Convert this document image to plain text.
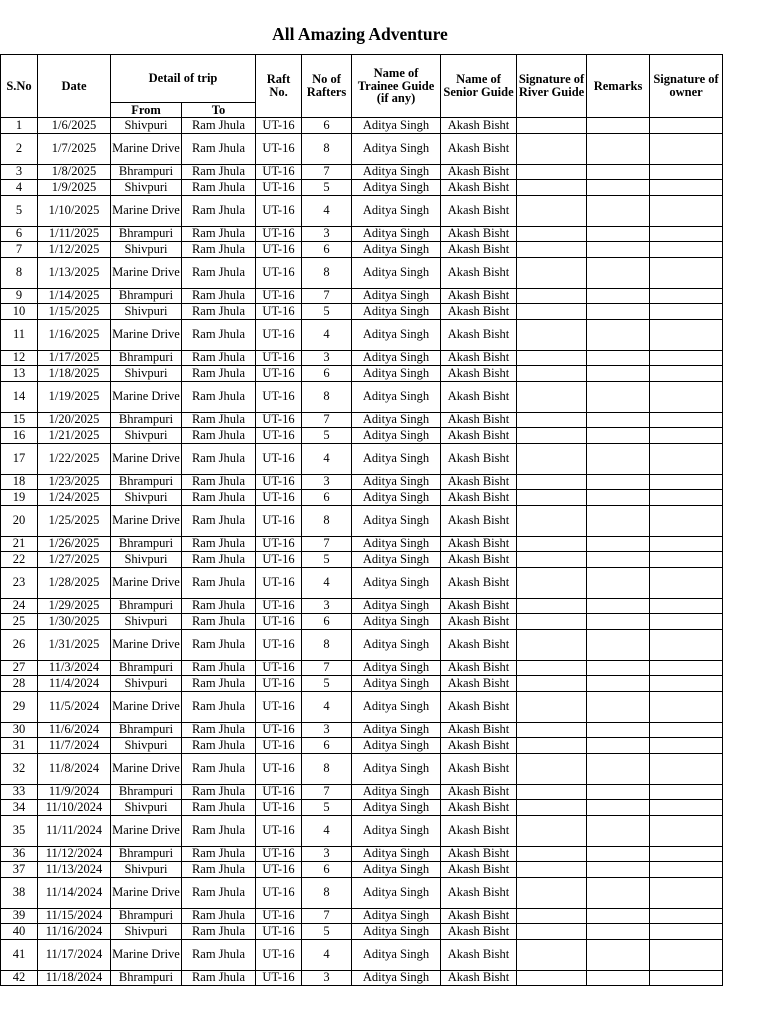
All Amazing Adventure
S.No	Date	Detail of trip		Raft No.	No of Rafters	Name of Trainee Guide (if any)	Name of Senior Guide	Signature of River Guide	Remarks	Signature of owner
		From	To							
1	1/6/2025	Shivpuri	Ram Jhula	UT-16	6	Aditya Singh	Akash Bisht			
2	1/7/2025	Marine Drive	Ram Jhula	UT-16	8	Aditya Singh	Akash Bisht			
3	1/8/2025	Bhrampuri	Ram Jhula	UT-16	7	Aditya Singh	Akash Bisht			
4	1/9/2025	Shivpuri	Ram Jhula	UT-16	5	Aditya Singh	Akash Bisht			
5	1/10/2025	Marine Drive	Ram Jhula	UT-16	4	Aditya Singh	Akash Bisht			
6	1/11/2025	Bhrampuri	Ram Jhula	UT-16	3	Aditya Singh	Akash Bisht			
7	1/12/2025	Shivpuri	Ram Jhula	UT-16	6	Aditya Singh	Akash Bisht			
8	1/13/2025	Marine Drive	Ram Jhula	UT-16	8	Aditya Singh	Akash Bisht			
9	1/14/2025	Bhrampuri	Ram Jhula	UT-16	7	Aditya Singh	Akash Bisht			
10	1/15/2025	Shivpuri	Ram Jhula	UT-16	5	Aditya Singh	Akash Bisht			
11	1/16/2025	Marine Drive	Ram Jhula	UT-16	4	Aditya Singh	Akash Bisht			
12	1/17/2025	Bhrampuri	Ram Jhula	UT-16	3	Aditya Singh	Akash Bisht			
13	1/18/2025	Shivpuri	Ram Jhula	UT-16	6	Aditya Singh	Akash Bisht			
14	1/19/2025	Marine Drive	Ram Jhula	UT-16	8	Aditya Singh	Akash Bisht			
15	1/20/2025	Bhrampuri	Ram Jhula	UT-16	7	Aditya Singh	Akash Bisht			
16	1/21/2025	Shivpuri	Ram Jhula	UT-16	5	Aditya Singh	Akash Bisht			
17	1/22/2025	Marine Drive	Ram Jhula	UT-16	4	Aditya Singh	Akash Bisht			
18	1/23/2025	Bhrampuri	Ram Jhula	UT-16	3	Aditya Singh	Akash Bisht			
19	1/24/2025	Shivpuri	Ram Jhula	UT-16	6	Aditya Singh	Akash Bisht			
20	1/25/2025	Marine Drive	Ram Jhula	UT-16	8	Aditya Singh	Akash Bisht			
21	1/26/2025	Bhrampuri	Ram Jhula	UT-16	7	Aditya Singh	Akash Bisht			
22	1/27/2025	Shivpuri	Ram Jhula	UT-16	5	Aditya Singh	Akash Bisht			
23	1/28/2025	Marine Drive	Ram Jhula	UT-16	4	Aditya Singh	Akash Bisht			
24	1/29/2025	Bhrampuri	Ram Jhula	UT-16	3	Aditya Singh	Akash Bisht			
25	1/30/2025	Shivpuri	Ram Jhula	UT-16	6	Aditya Singh	Akash Bisht			
26	1/31/2025	Marine Drive	Ram Jhula	UT-16	8	Aditya Singh	Akash Bisht			
27	11/3/2024	Bhrampuri	Ram Jhula	UT-16	7	Aditya Singh	Akash Bisht			
28	11/4/2024	Shivpuri	Ram Jhula	UT-16	5	Aditya Singh	Akash Bisht			
29	11/5/2024	Marine Drive	Ram Jhula	UT-16	4	Aditya Singh	Akash Bisht			
30	11/6/2024	Bhrampuri	Ram Jhula	UT-16	3	Aditya Singh	Akash Bisht			
31	11/7/2024	Shivpuri	Ram Jhula	UT-16	6	Aditya Singh	Akash Bisht			
32	11/8/2024	Marine Drive	Ram Jhula	UT-16	8	Aditya Singh	Akash Bisht			
33	11/9/2024	Bhrampuri	Ram Jhula	UT-16	7	Aditya Singh	Akash Bisht			
34	11/10/2024	Shivpuri	Ram Jhula	UT-16	5	Aditya Singh	Akash Bisht			
35	11/11/2024	Marine Drive	Ram Jhula	UT-16	4	Aditya Singh	Akash Bisht			
36	11/12/2024	Bhrampuri	Ram Jhula	UT-16	3	Aditya Singh	Akash Bisht			
37	11/13/2024	Shivpuri	Ram Jhula	UT-16	6	Aditya Singh	Akash Bisht			
38	11/14/2024	Marine Drive	Ram Jhula	UT-16	8	Aditya Singh	Akash Bisht			
39	11/15/2024	Bhrampuri	Ram Jhula	UT-16	7	Aditya Singh	Akash Bisht			
40	11/16/2024	Shivpuri	Ram Jhula	UT-16	5	Aditya Singh	Akash Bisht			
41	11/17/2024	Marine Drive	Ram Jhula	UT-16	4	Aditya Singh	Akash Bisht			
42	11/18/2024	Bhrampuri	Ram Jhula	UT-16	3	Aditya Singh	Akash Bisht			
